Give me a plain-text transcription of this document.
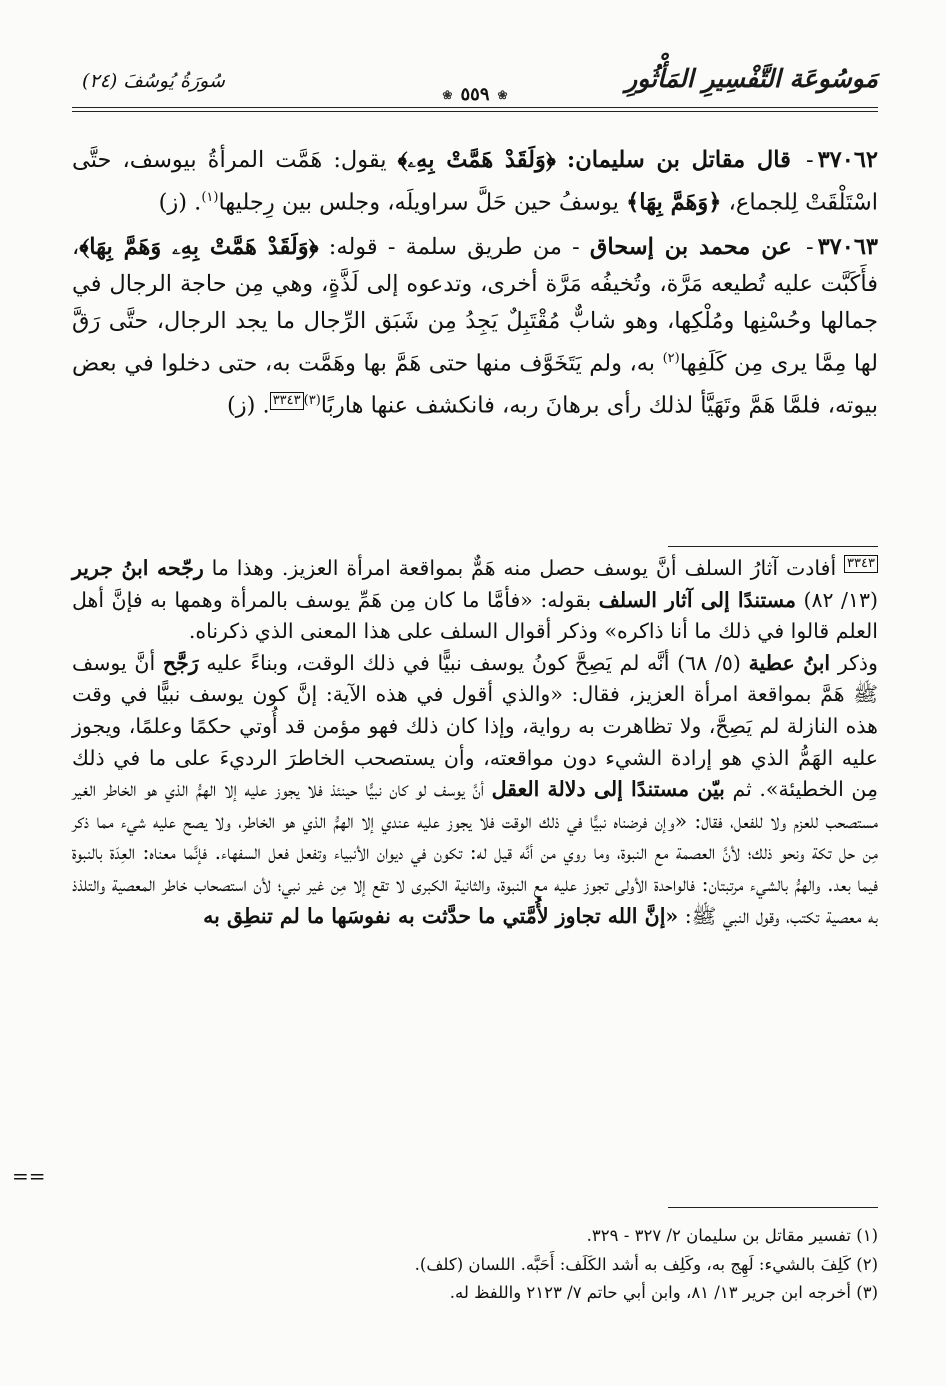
مَوسُوعَة التَّفْسِيرِ المَأْثُورِ
❀
٥٥٩
❀
سُورَةُ يُوسُفَ (٢٤)

٣٧٠٦٢- قال مقاتل بن سليمان: ﴿وَلَقَدْ هَمَّتْ بِهِۦ﴾ يقول: هَمَّت المرأةُ بيوسف، حتَّى اسْتَلْقَتْ لِلجماع، ﴿وَهَمَّ بِهَا﴾ يوسفُ حين حَلَّ سراويلَه، وجلس بين رِجليها$^{(١)}$. (ز)

٣٧٠٦٣- عن محمد بن إسحاق - من طريق سلمة - قوله: ﴿وَلَقَدْ هَمَّتْ بِهِۦ وَهَمَّ بِهَا﴾، فأَكَبَّت عليه تُطيعه مَرَّة، وتُخيفُه مَرَّة أخرى، وتدعوه إلى لَذَّةٍ، وهي مِن حاجة الرجال في جمالها وحُسْنِها ومُلْكِها، وهو شابٌّ مُقْتَبِلٌ يَجِدُ مِن شَبَق الرِّجال ما يجد الرجال، حتَّى رَقَّ لها مِمَّا يرى مِن كَلَفِها$^{(٢)}$ به، ولم يَتَخَوَّف منها حتى هَمَّ بها وهَمَّت به، حتى دخلوا في بعض بيوته، فلمَّا هَمَّ وتَهَيَّأ لذلك رأى برهانَ ربه، فانكشف عنها هاربًا$^{(٣)}$٣٣٤٣. (ز)

٣٣٤٣ أفادت آثارُ السلف أنَّ يوسف حصل منه هَمٌّ بمواقعة امرأة العزيز. وهذا ما رجّحه ابنُ جرير (١٣/ ٨٢) مستندًا إلى آثار السلف بقوله: «فأمَّا ما كان مِن هَمِّ يوسف بالمرأة وهمها به فإنَّ أهل العلم قالوا في ذلك ما أنا ذاكره» وذكر أقوال السلف على هذا المعنى الذي ذكرناه.

وذكر ابنُ عطية (٥/ ٦٨) أنَّه لم يَصِحَّ كونُ يوسف نبيًّا في ذلك الوقت، وبناءً عليه رَجَّح أنَّ يوسف ﷺ هَمَّ بمواقعة امرأة العزيز، فقال: «والذي أقول في هذه الآية: إنَّ كون يوسف نبيًّا في وقت هذه النازلة لم يَصِحَّ، ولا تظاهرت به رواية، وإذا كان ذلك فهو مؤمن قد أُوتي حكمًا وعلمًا، ويجوز عليه الهَمُّ الذي هو إرادة الشيء دون مواقعته، وأن يستصحب الخاطرَ الرديءَ على ما في ذلك مِن الخطيئة». ثم بيّن مستندًا إلى دلالة العقل أنَّ يوسف لو كان نبيًّا حينئذ فلا يجوز عليه إلا الهمُّ الذي هو الخاطر الغير مستصحب للعزم ولا للفعل، فقال: «وإن فرضناه نبيًّا في ذلك الوقت فلا يجوز عليه عندي إلا الهمُّ الذي هو الخاطر، ولا يصح عليه شيء مما ذكر مِن حل تكة ونحو ذلك؛ لأنَّ العصمة مع النبوة، وما روي من أنَّه قيل له: تكون في ديوان الأنبياء وتفعل فعل السفهاء. فإنَّما معناه: العِدَة بالنبوة فيما بعد. والهمُّ بالشيء مرتبتان: فالواحدة الأولى تجوز عليه مع النبوة، والثانية الكبرى لا تقع إلا مِن غير نبي؛ لأن استصحاب خاطر المعصية والتلذذ به معصية تكتب، وقول النبي ﷺ: «إنَّ الله تجاوز لأُمَّتي ما حدَّثت به نفوسَها ما لم تنطِق به

==

(١) تفسير مقاتل بن سليمان ٢/ ٣٢٧ - ٣٢٩.

(٢) كَلِفَ بالشيء: لَهِج به، وكَلِف به أشد الكَلَف: أَحَبَّه. اللسان (كلف).

(٣) أخرجه ابن جرير ١٣/ ٨١، وابن أبي حاتم ٧/ ٢١٢٣ واللفظ له.
